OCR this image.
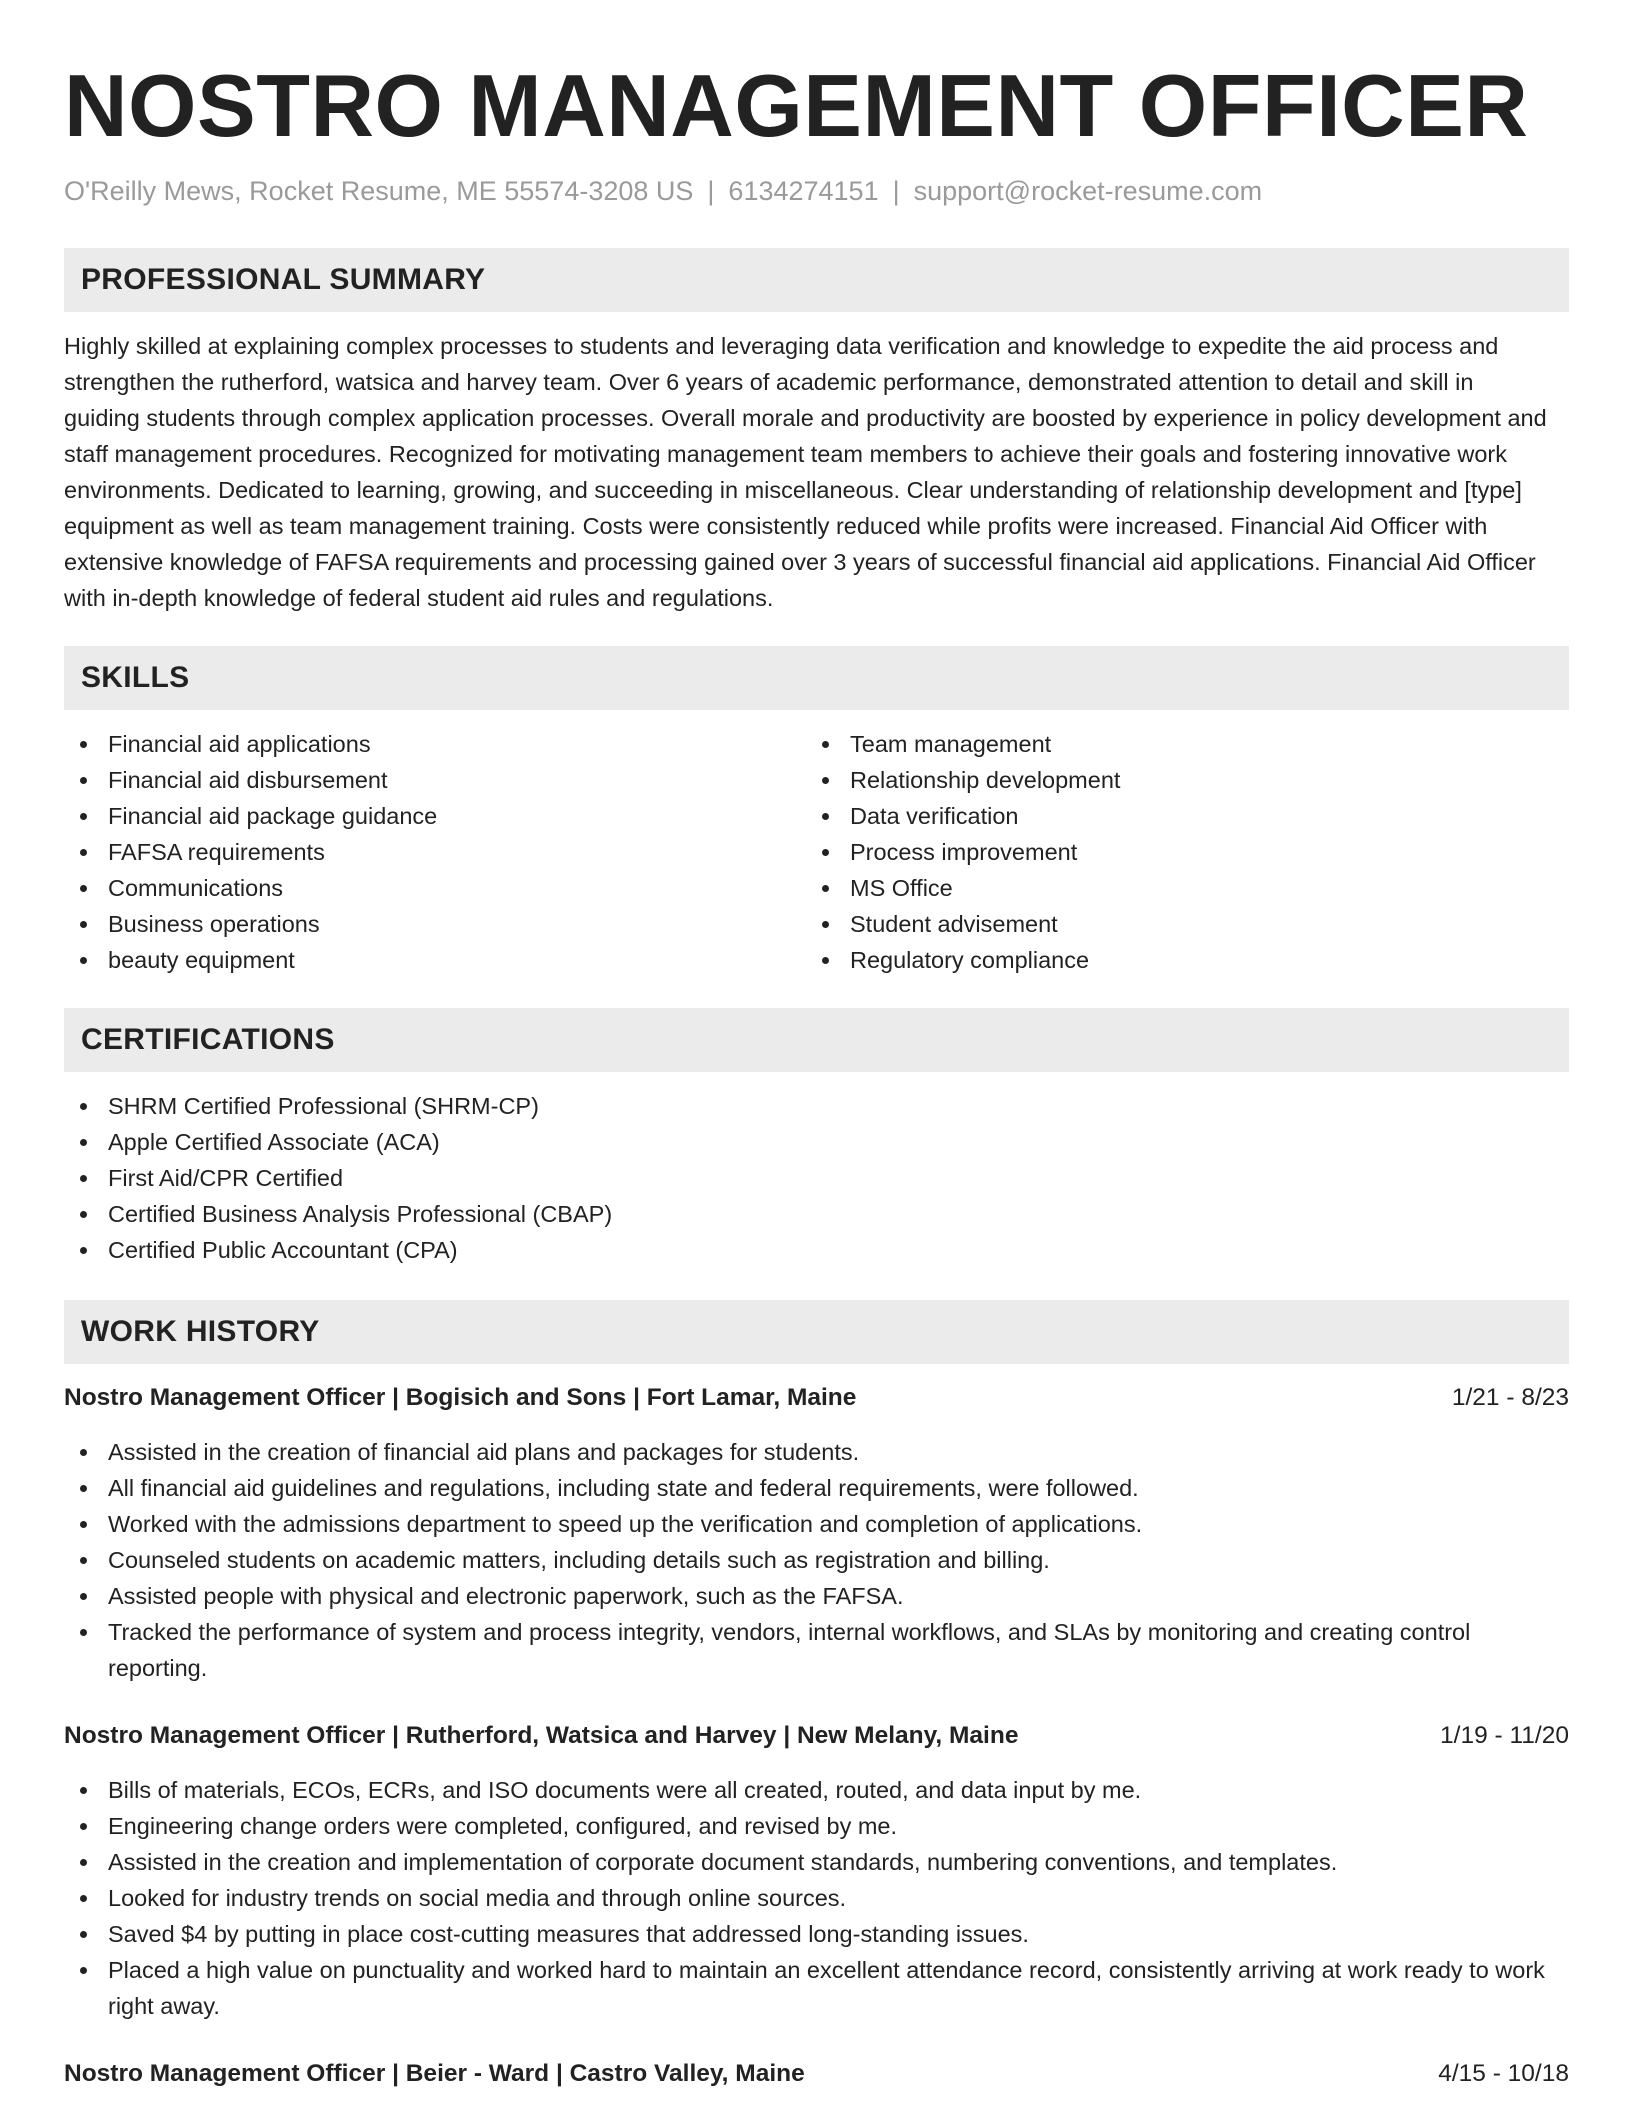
NOSTRO MANAGEMENT OFFICER
O'Reilly Mews, Rocket Resume, ME 55574-3208 US | 6134274151 | support@rocket-resume.com
PROFESSIONAL SUMMARY
Highly skilled at explaining complex processes to students and leveraging data verification and knowledge to expedite the aid process and strengthen the rutherford, watsica and harvey team. Over 6 years of academic performance, demonstrated attention to detail and skill in guiding students through complex application processes. Overall morale and productivity are boosted by experience in policy development and staff management procedures. Recognized for motivating management team members to achieve their goals and fostering innovative work environments. Dedicated to learning, growing, and succeeding in miscellaneous. Clear understanding of relationship development and [type] equipment as well as team management training. Costs were consistently reduced while profits were increased. Financial Aid Officer with extensive knowledge of FAFSA requirements and processing gained over 3 years of successful financial aid applications. Financial Aid Officer with in-depth knowledge of federal student aid rules and regulations.
SKILLS
Financial aid applications
Financial aid disbursement
Financial aid package guidance
FAFSA requirements
Communications
Business operations
beauty equipment
Team management
Relationship development
Data verification
Process improvement
MS Office
Student advisement
Regulatory compliance
CERTIFICATIONS
SHRM Certified Professional (SHRM-CP)
Apple Certified Associate (ACA)
First Aid/CPR Certified
Certified Business Analysis Professional (CBAP)
Certified Public Accountant (CPA)
WORK HISTORY
Nostro Management Officer | Bogisich and Sons | Fort Lamar, Maine	1/21 - 8/23
Assisted in the creation of financial aid plans and packages for students.
All financial aid guidelines and regulations, including state and federal requirements, were followed.
Worked with the admissions department to speed up the verification and completion of applications.
Counseled students on academic matters, including details such as registration and billing.
Assisted people with physical and electronic paperwork, such as the FAFSA.
Tracked the performance of system and process integrity, vendors, internal workflows, and SLAs by monitoring and creating control reporting.
Nostro Management Officer | Rutherford, Watsica and Harvey | New Melany, Maine	1/19 - 11/20
Bills of materials, ECOs, ECRs, and ISO documents were all created, routed, and data input by me.
Engineering change orders were completed, configured, and revised by me.
Assisted in the creation and implementation of corporate document standards, numbering conventions, and templates.
Looked for industry trends on social media and through online sources.
Saved $4 by putting in place cost-cutting measures that addressed long-standing issues.
Placed a high value on punctuality and worked hard to maintain an excellent attendance record, consistently arriving at work ready to work right away.
Nostro Management Officer | Beier - Ward | Castro Valley, Maine	4/15 - 10/18
